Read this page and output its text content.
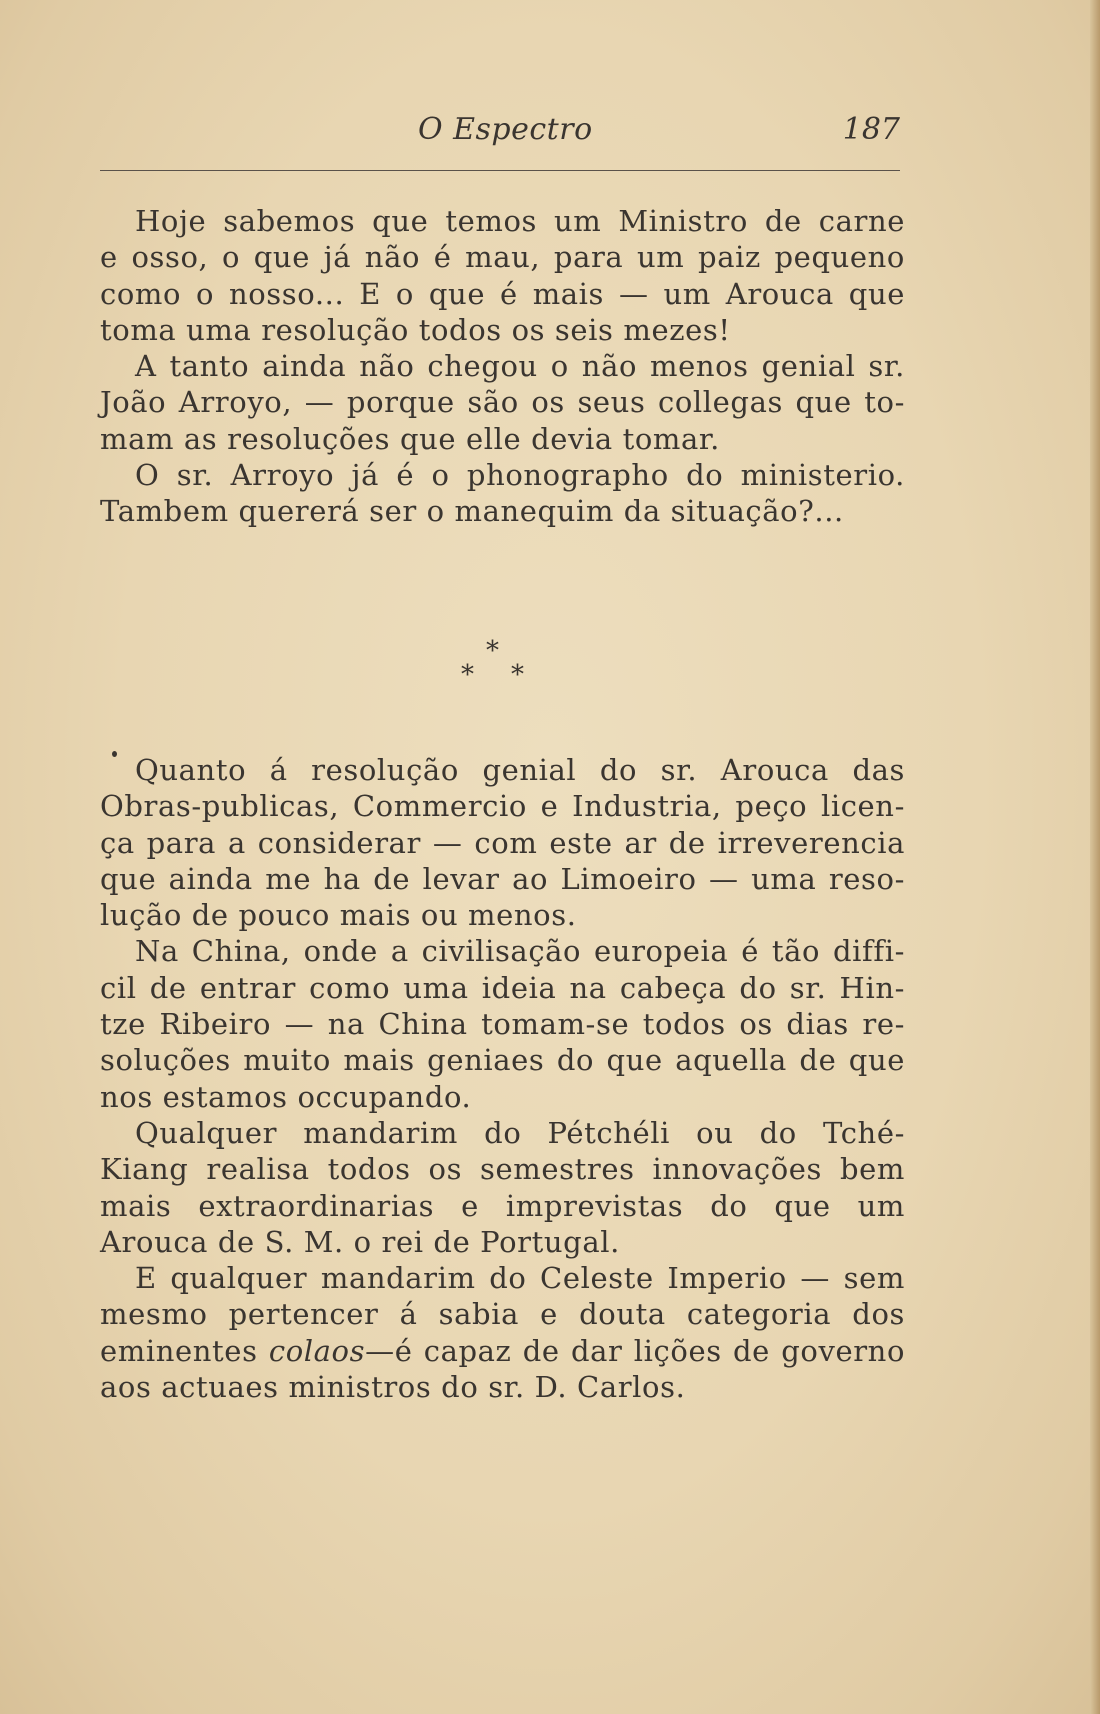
O Espectro	187
Hoje sabemos que temos um Ministro de carne
e osso, o que já não é mau, para um paiz pequeno
como o nosso... E o que é mais — um Arouca que
toma uma resolução todos os seis mezes!
A tanto ainda não chegou o não menos genial sr.
João Arroyo, — porque são os seus collegas que to-
mam as resoluções que elle devia tomar.
O sr. Arroyo já é o phonographo do ministerio.
Tambem quererá ser o manequim da situação?...
*
* *
Quanto á resolução genial do sr. Arouca das
Obras-publicas, Commercio e Industria, peço licen-
ça para a considerar — com este ar de irreverencia
que ainda me ha de levar ao Limoeiro — uma reso-
lução de pouco mais ou menos.
Na China, onde a civilisação europeia é tão diffi-
cil de entrar como uma ideia na cabeça do sr. Hin-
tze Ribeiro — na China tomam-se todos os dias re-
soluções muito mais geniaes do que aquella de que
nos estamos occupando.
Qualquer mandarim do Pétchéli ou do Tché-
Kiang realisa todos os semestres innovações bem
mais extraordinarias e imprevistas do que um
Arouca de S. M. o rei de Portugal.
E qualquer mandarim do Celeste Imperio — sem
mesmo pertencer á sabia e douta categoria dos
eminentes colaos—é capaz de dar lições de governo
aos actuaes ministros do sr. D. Carlos.
